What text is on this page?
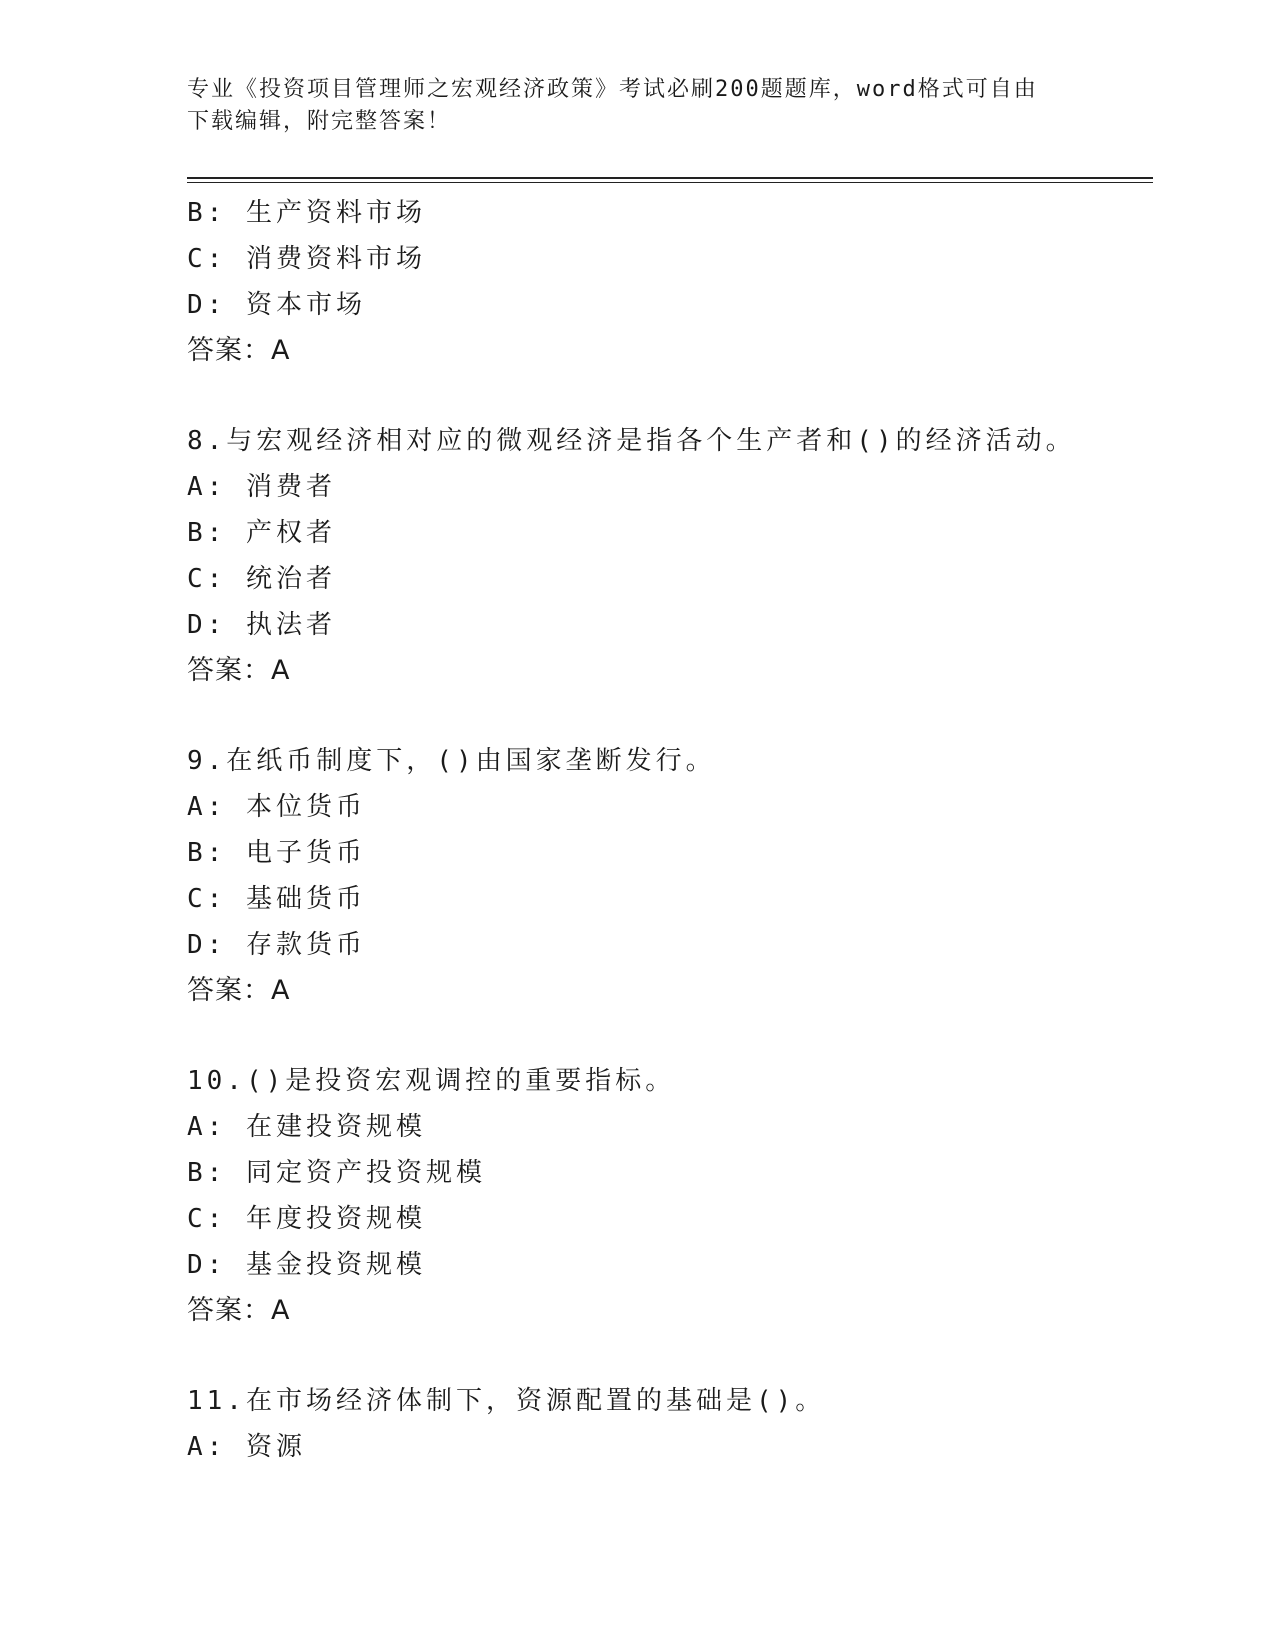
专业《投资项目管理师之宏观经济政策》考试必刷200题题库，word格式可自由
下载编辑，附完整答案！
B: 生产资料市场
C: 消费资料市场
D: 资本市场
答案：A
8.与宏观经济相对应的微观经济是指各个生产者和()的经济活动。
A: 消费者
B: 产权者
C: 统治者
D: 执法者
答案：A
9.在纸币制度下，()由国家垄断发行。
A: 本位货币
B: 电子货币
C: 基础货币
D: 存款货币
答案：A
10.()是投资宏观调控的重要指标。
A: 在建投资规模
B: 同定资产投资规模
C: 年度投资规模
D: 基金投资规模
答案：A
11.在市场经济体制下，资源配置的基础是()。
A: 资源
